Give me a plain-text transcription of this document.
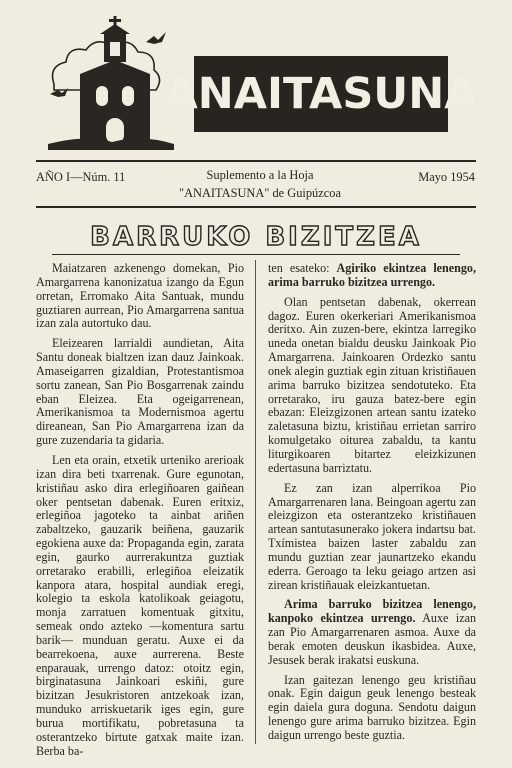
ANAITASUNA
AÑO I—Núm. 11	Suplemento a la Hoja
"ANAITASUNA" de Guipúzcoa
Mayo 1954
BARRUKO BIZITZEA

Maiatzaren azkenengo domekan, Pio Amargarrena kanonizatua izango da Egun orretan, Erromako Aita Santuak, mundu guztiaren aurrean, Pio Amargarrena santua izan zala autortuko dau.

Eleizearen larrialdi aundietan, Aita Santu doneak bialtzen izan dauz Jainkoak. Amaseigarren gizaldian, Protestantismoa sortu zanean, San Pio Bosgarrenak zaindu eban Eleizea. Eta ogeigarrenean, Amerikanismoa ta Modernismoa agertu direanean, San Pio Amargarrena izan da gure zuzendaria ta gidaria.

Len eta orain, etxetik urteniko arerioak izan dira beti txarrenak. Gure egunotan, kristiñau asko dira erlegiñoaren gaiñean oker pentsetan dabenak. Euren eritxiz, erlegiñoa jagoteko ta ainbat ariñen zabaltzeko, gauzarik beiñena, gauzarik egokiena auxe da: Propaganda egin, zarata egin, gaurko aurrerakuntza guztiak orretarako erabilli, erlegiñoa eleizatik kanpora atara, hospital aundiak eregi, kolegio ta eskola katolikoak geiagotu, monja zarratuen komentuak gitxitu, semeak ondo azteko —komentura sartu barik— munduan geratu. Auxe ei da bearrekoena, auxe aurrerena. Beste enparauak, urrengo datoz: otoitz egin, birginatasuna Jainkoari eskiñi, gure bizitzan Jesukristoren antzekoak izan, munduko arriskuetarik iges egin, gure burua mortifikatu, pobretasuna ta osterantzeko birtute gatxak maite izan. Berba ba-

ten esateko: Agiriko ekintzea lenengo, arima barruko bizitzea urrengo.

Olan pentsetan dabenak, okerrean dagoz. Euren okerkeriari Amerikanismoa deritxo. Ain zuzen-bere, ekintza larregiko uneda onetan bialdu deusku Jainkoak Pio Amargarrena. Jainkoaren Ordezko santu onek alegin guztiak egin zituan kristiñauen arima barruko bizitzea sendotuteko. Eta orretarako, iru gauza batez-bere egin ebazan: Eleizgizonen artean santu izateko zaletasuna biztu, kristiñau errietan sarriro komulgetako oiturea zabaldu, ta kantu liturgikoaren bitartez eleizkizunen edertasuna barriztatu.

Ez zan izan alperrikoa Pio Amargarrenaren lana. Beingoan agertu zan eleizgizon eta osterantzeko kristiñauen artean santutasunerako jokera indartsu bat. Txímistea baizen laster zabaldu zan mundu guztian zear jaunartzeko ekandu ederra. Geroago ta leku geiago artzen asi zirean kristiñauak eleizkantuetan.

Arima barruko bizitzea lenengo, kanpoko ekintzea urrengo. Auxe izan zan Pio Amargarrenaren asmoa. Auxe da berak emoten deuskun ikasbidea. Auxe, Jesusek berak irakatsi euskuna.

Izan gaitezan lenengo geu kristiñau onak. Egin daigun geuk lenengo besteak egin daiela gura doguna. Sendotu daigun lenengo gure arima barruko bizitzea. Egin daigun urrengo beste guztia.
